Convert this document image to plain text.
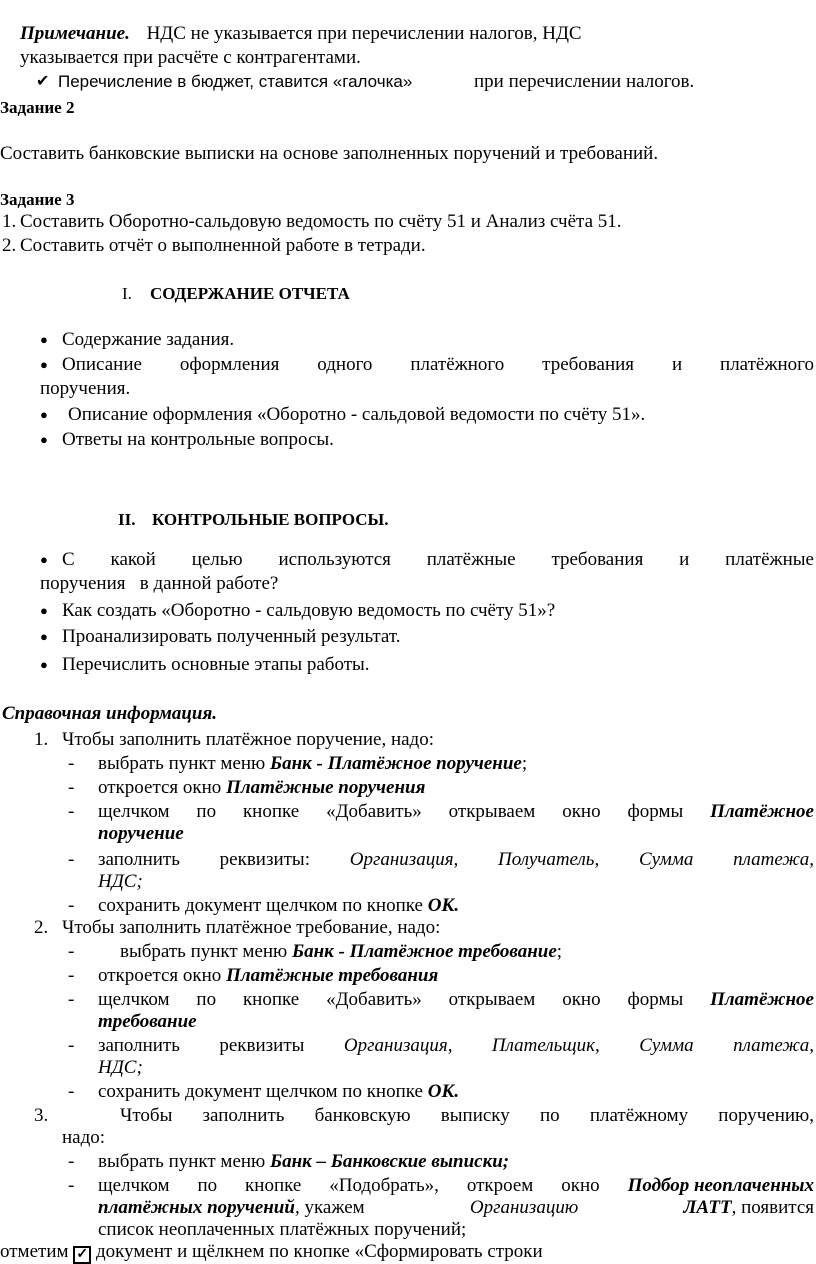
Примечание. НДС не указывается при перечислении налогов, НДС
указывается при расчёте с контрагентами.
✔ Перечисление в бюджет, ставится «галочка»	при перечислении налогов.
Задание 2
Составить банковские выписки на основе заполненных поручений и требований.
Задание 3
1. Составить Оборотно-сальдовую ведомость по счёту 51 и Анализ счёта 51.
2. Составить отчёт о выполненной работе в тетради.
I. СОДЕРЖАНИЕ ОТЧЕТА
● Содержание задания.
● Описание оформления одного платёжного требования и платёжного
поручения.
● Описание оформления «Оборотно - сальдовой ведомости по счёту 51».
● Ответы на контрольные вопросы.
II. КОНТРОЛЬНЫЕ ВОПРОСЫ.
● С какой целью используются платёжные требования и платёжные
поручения   в данной работе?
● Как создать «Оборотно - сальдовую ведомость по счёту 51»?
● Проанализировать полученный результат.
● Перечислить основные этапы работы.
Справочная информация.
1. Чтобы заполнить платёжное поручение, надо:
- выбрать пункт меню Банк - Платёжное поручение;
- откроется окно Платёжные поручения
- щелчком по кнопке «Добавить» открываем окно формы Платёжное
поручение
- заполнить реквизиты: Организация, Получатель, Сумма платежа,
НДС;
- сохранить документ щелчком по кнопке ОК.
2. Чтобы заполнить платёжное требование, надо:
- выбрать пункт меню Банк - Платёжное требование;
- откроется окно Платёжные требования
- щелчком по кнопке «Добавить» открываем окно формы Платёжное
требование
- заполнить реквизиты Организация, Плательщик, Сумма платежа,
НДС;
- сохранить документ щелчком по кнопке ОК.
3.	Чтобы заполнить банковскую выписку по платёжному поручению,
надо:
- выбрать пункт меню Банк – Банковские выписки;
- щелчком по кнопке «Подобрать», откроем окно Подбор неоплаченных
платёжных поручений, укажем	Организацию	ЛАТТ, появится
список неоплаченных платёжных поручений;
отметим ✓ документ и щёлкнем по кнопке «Сформировать строки
